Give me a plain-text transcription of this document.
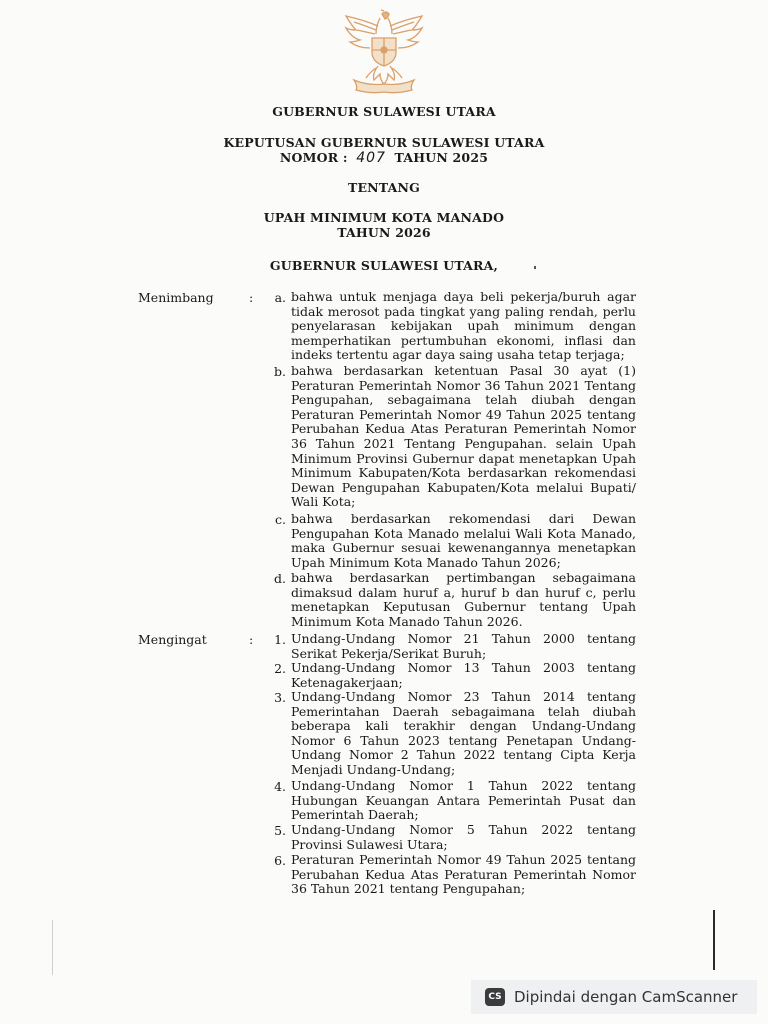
GUBERNUR SULAWESI UTARA
KEPUTUSAN GUBERNUR SULAWESI UTARA
NOMOR : 407 TAHUN 2025
TENTANG
UPAH MINIMUM KOTA MANADO
TAHUN 2026
GUBERNUR SULAWESI UTARA,
Menimbang	:	a. bahwa untuk menjaga daya beli pekerja/buruh agar tidak merosot pada tingkat yang paling rendah, perlu penyelarasan kebijakan upah minimum dengan memperhatikan pertumbuhan ekonomi, inflasi dan indeks tertentu agar daya saing usaha tetap terjaga;
b. bahwa berdasarkan ketentuan Pasal 30 ayat (1) Peraturan Pemerintah Nomor 36 Tahun 2021 Tentang Pengupahan, sebagaimana telah diubah dengan Peraturan Pemerintah Nomor 49 Tahun 2025 tentang Perubahan Kedua Atas Peraturan Pemerintah Nomor 36 Tahun 2021 Tentang Pengupahan. selain Upah Minimum Provinsi Gubernur dapat menetapkan Upah Minimum Kabupaten/Kota berdasarkan rekomendasi Dewan Pengupahan Kabupaten/Kota melalui Bupati/ Wali Kota;
c. bahwa berdasarkan rekomendasi dari Dewan Pengupahan Kota Manado melalui Wali Kota Manado, maka Gubernur sesuai kewenangannya menetapkan Upah Minimum Kota Manado Tahun 2026;
d. bahwa berdasarkan pertimbangan sebagaimana dimaksud dalam huruf a, huruf b dan huruf c, perlu menetapkan Keputusan Gubernur tentang Upah Minimum Kota Manado Tahun 2026.
Mengingat	:	1. Undang-Undang Nomor 21 Tahun 2000 tentang Serikat Pekerja/Serikat Buruh;
2. Undang-Undang Nomor 13 Tahun 2003 tentang Ketenagakerjaan;
3. Undang-Undang Nomor 23 Tahun 2014 tentang Pemerintahan Daerah sebagaimana telah diubah beberapa kali terakhir dengan Undang-Undang Nomor 6 Tahun 2023 tentang Penetapan Undang-Undang Nomor 2 Tahun 2022 tentang Cipta Kerja Menjadi Undang-Undang;
4. Undang-Undang Nomor 1 Tahun 2022 tentang Hubungan Keuangan Antara Pemerintah Pusat dan Pemerintah Daerah;
5. Undang-Undang Nomor 5 Tahun 2022 tentang Provinsi Sulawesi Utara;
6. Peraturan Pemerintah Nomor 49 Tahun 2025 tentang Perubahan Kedua Atas Peraturan Pemerintah Nomor 36 Tahun 2021 tentang Pengupahan;
CS Dipindai dengan CamScanner
